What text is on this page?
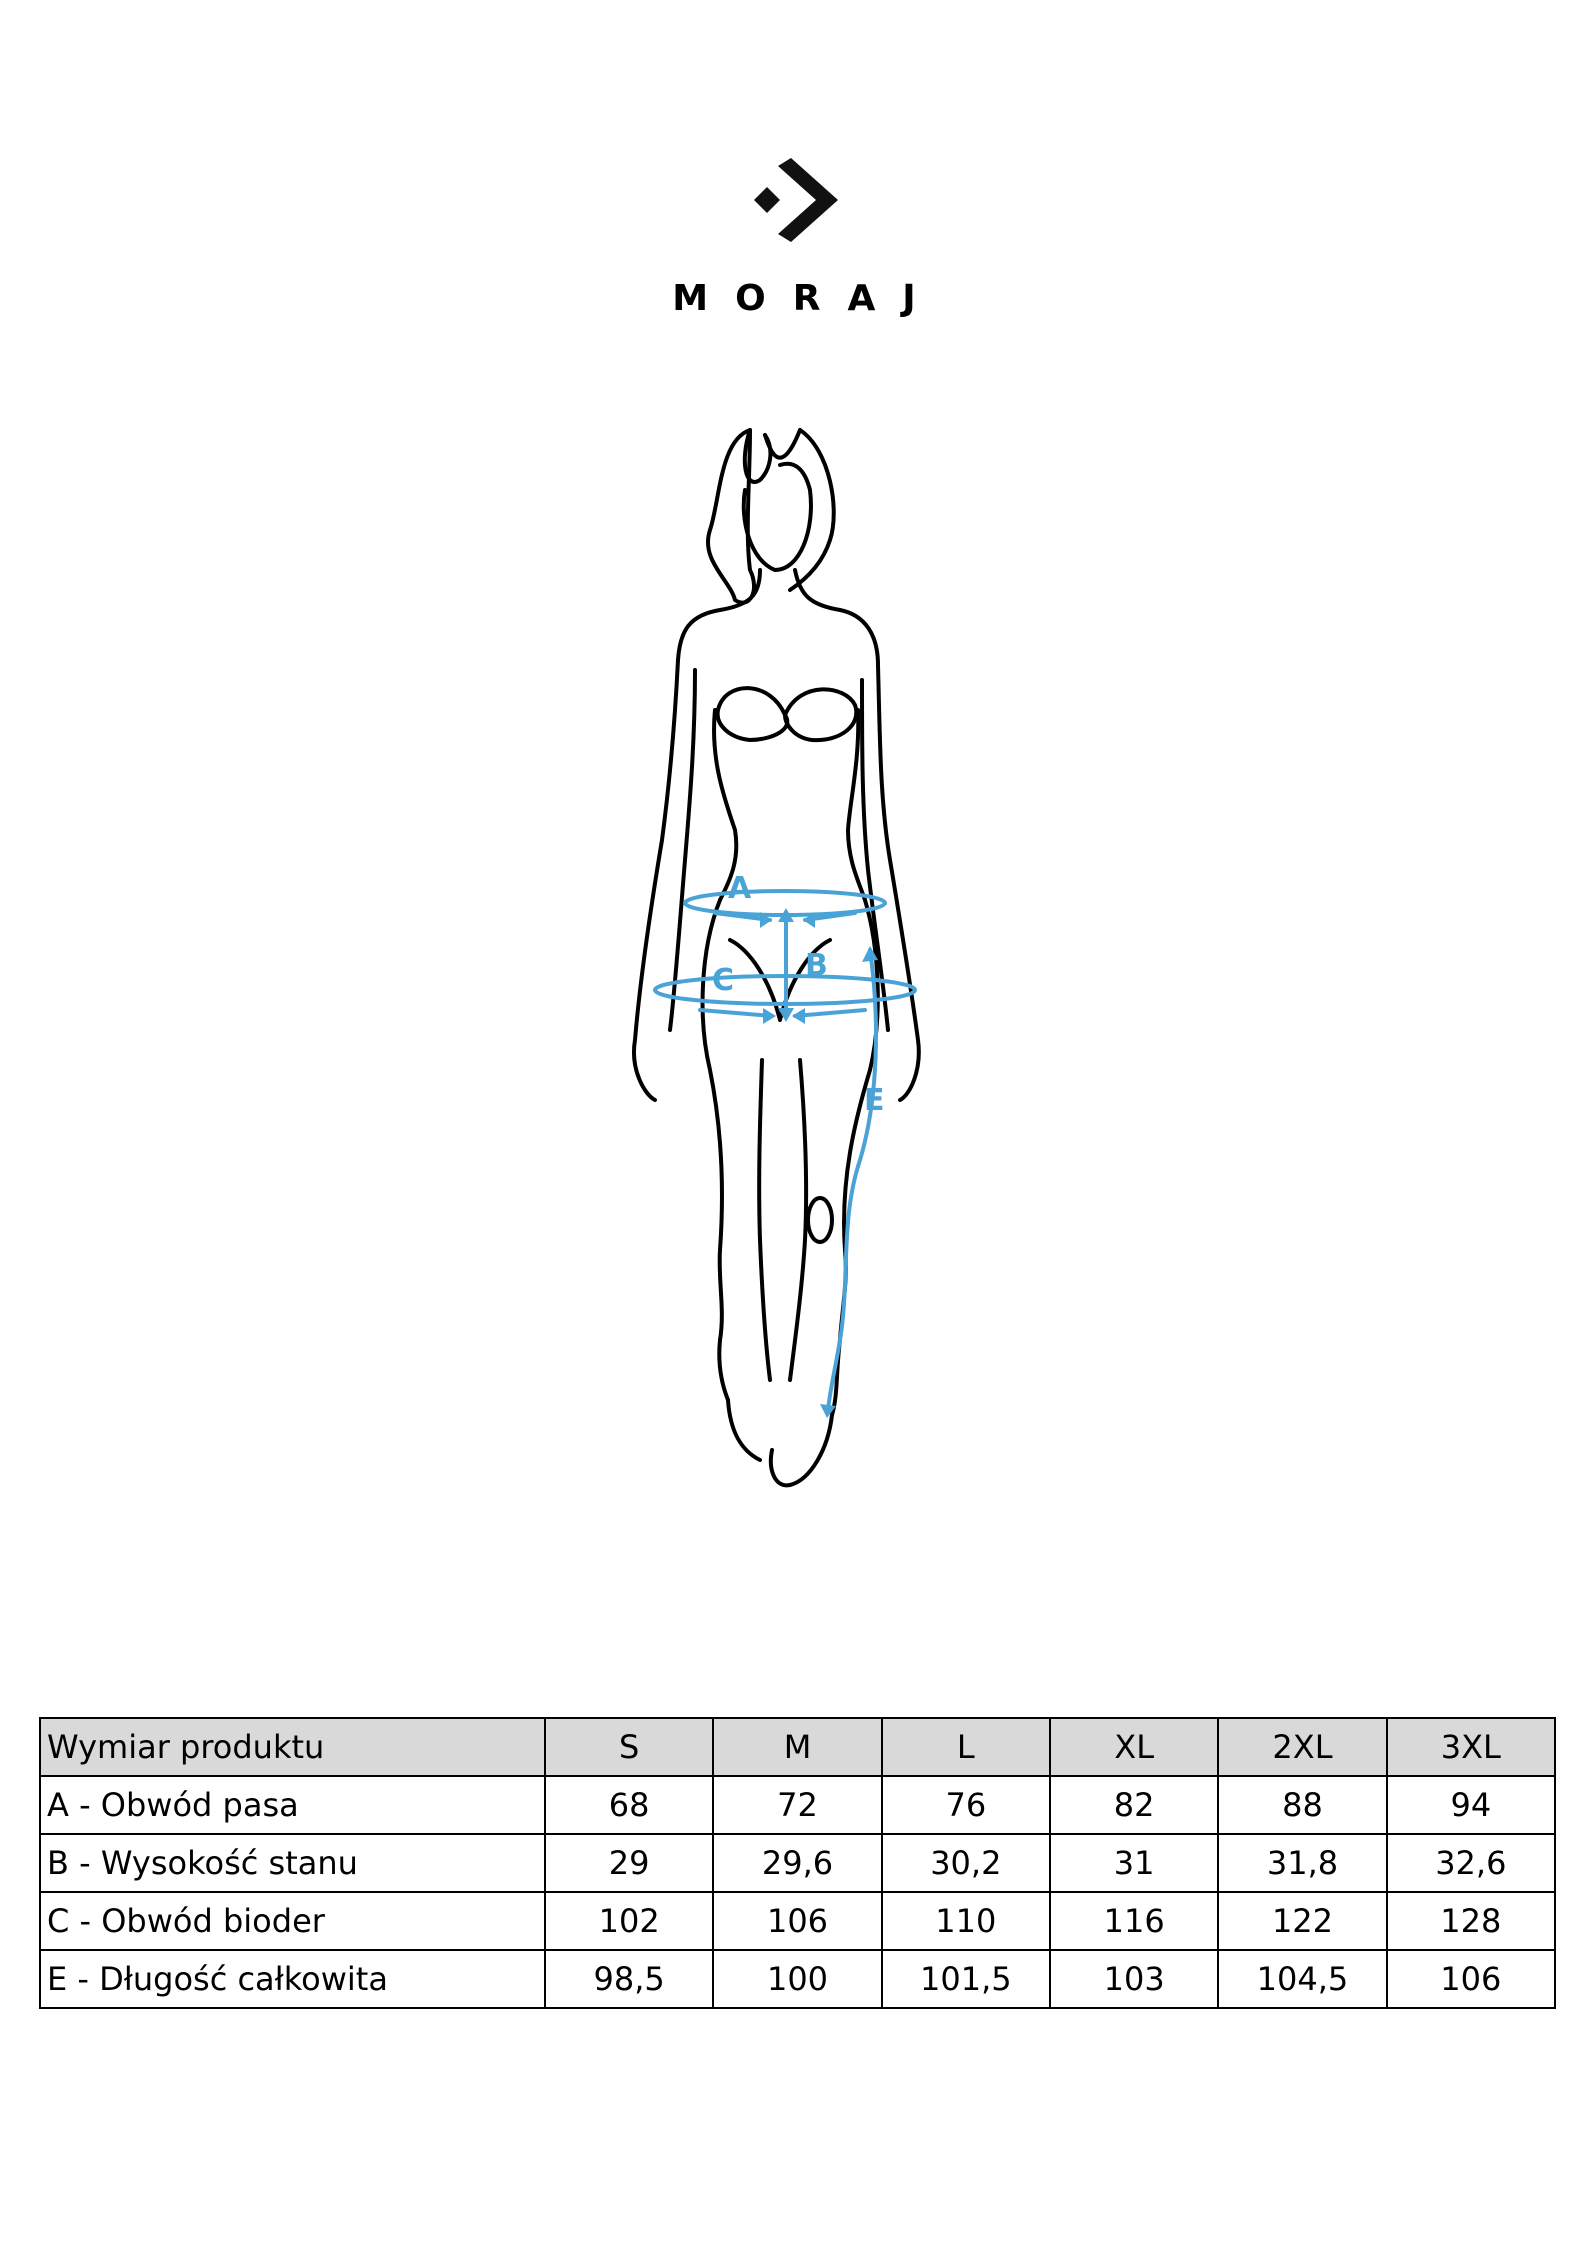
MORAJ
A
B
C
E
Wymiar produktu	S	M	L	XL	2XL	3XL
A - Obwód pasa	68	72	76	82	88	94
B - Wysokość stanu	29	29,6	30,2	31	31,8	32,6
C - Obwód bioder	102	106	110	116	122	128
E - Długość całkowita	98,5	100	101,5	103	104,5	106
